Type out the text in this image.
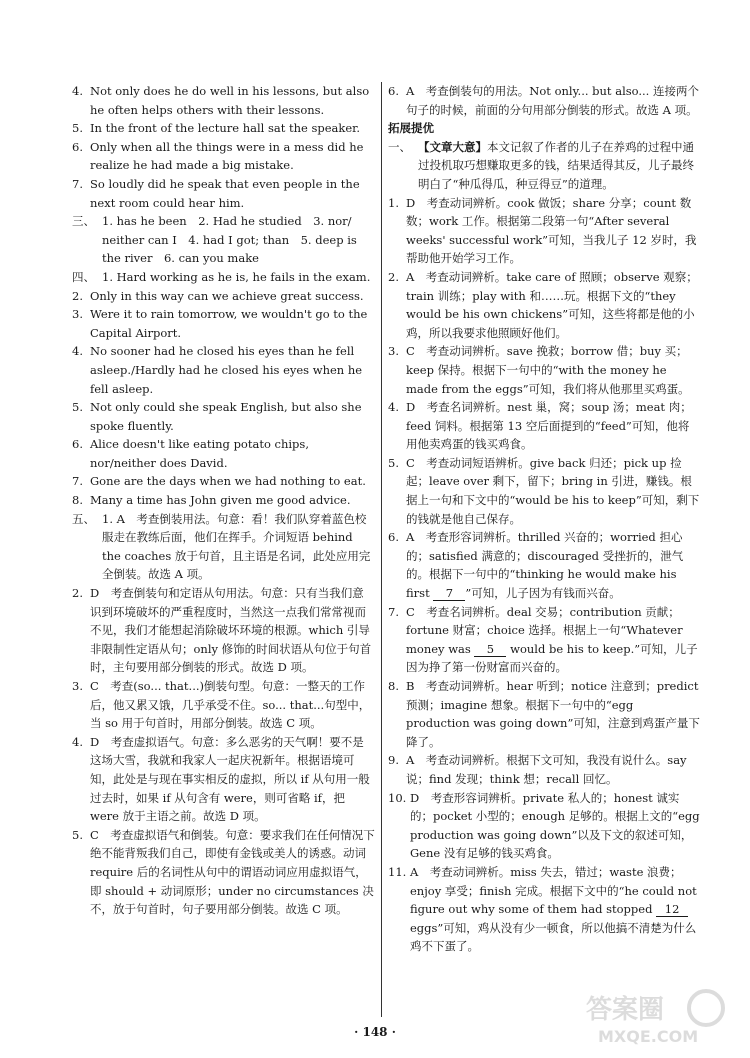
4. Not only does he do well in his lessons, but also he often helps others with their lessons.

5. In the front of the lecture hall sat the speaker.

6. Only when all the things were in a mess did he realize he had made a big mistake.

7. So loudly did he speak that even people in the next room could hear him.

三、 1. has he been　2. Had he studied　3. nor/ neither can I　4. had I got; than　5. deep is the river　6. can you make

四、 1. Hard working as he is, he fails in the exam.

2. Only in this way can we achieve great success.

3. Were it to rain tomorrow, we wouldn't go to the Capital Airport.

4. No sooner had he closed his eyes than he fell asleep./Hardly had he closed his eyes when he fell asleep.

5. Not only could she speak English, but also she spoke fluently.

6. Alice doesn't like eating potato chips, nor/neither does David.

7. Gone are the days when we had nothing to eat.

8. Many a time has John given me good advice.

五、 1. A　考查倒装用法。句意：看！我们队穿着蓝色校服走在教练后面，他们在挥手。介词短语 behind the coaches 放于句首，且主语是名词，此处应用完全倒装。故选 A 项。

2. D　考查倒装句和定语从句用法。句意：只有当我们意识到环境破坏的严重程度时，当然这一点我们常常视而不见，我们才能想起消除破坏环境的根源。which 引导非限制性定语从句；only 修饰的时间状语从句位于句首时，主句要用部分倒装的形式。故选 D 项。

3. C　考查(so... that...)倒装句型。句意：一整天的工作后，他又累又饿，几乎承受不住。so... that...句型中，当 so 用于句首时，用部分倒装。故选 C 项。

4. D　考查虚拟语气。句意：多么恶劣的天气啊！要不是这场大雪，我就和我家人一起庆祝新年。根据语境可知，此处是与现在事实相反的虚拟，所以 if 从句用一般过去时，如果 if 从句含有 were，则可省略 if，把 were 放于主语之前。故选 D 项。

5. C　考查虚拟语气和倒装。句意：要求我们在任何情况下绝不能背叛我们自己，即使有金钱或美人的诱惑。动词 require 后的名词性从句中的谓语动词应用虚拟语气，即 should + 动词原形；under no circumstances 决不，放于句首时，句子要用部分倒装。故选 C 项。

6. A　考查倒装句的用法。Not only... but also... 连接两个句子的时候，前面的分句用部分倒装的形式。故选 A 项。

拓展提优

一、 【文章大意】本文记叙了作者的儿子在养鸡的过程中通过投机取巧想赚取更多的钱，结果适得其反，儿子最终明白了“种瓜得瓜，种豆得豆”的道理。

1. D　考查动词辨析。cook 做饭；share 分享；count 数数；work 工作。根据第二段第一句“After several weeks' successful work”可知，当我儿子 12 岁时，我帮助他开始学习工作。

2. A　考查动词辨析。take care of 照顾；observe 观察；train 训练；play with 和……玩。根据下文的“they would be his own chickens”可知，这些将都是他的小鸡，所以我要求他照顾好他们。

3. C　考查动词辨析。save 挽救；borrow 借；buy 买；keep 保持。根据下一句中的“with the money he made from the eggs”可知，我们将从他那里买鸡蛋。

4. D　考查名词辨析。nest 巢，窝；soup 汤；meat 肉；feed 饲料。根据第 13 空后面提到的“feed”可知，他将用他卖鸡蛋的钱买鸡食。

5. C　考查动词短语辨析。give back 归还；pick up 捡起；leave over 剩下，留下；bring in 引进，赚钱。根据上一句和下文中的“would be his to keep”可知，剩下的钱就是他自己保存。

6. A　考查形容词辨析。thrilled 兴奋的；worried 担心的；satisfied 满意的；discouraged 受挫折的，泄气的。根据下一句中的“thinking he would make his first 7 ”可知，儿子因为有钱而兴奋。

7. C　考查名词辨析。deal 交易；contribution 贡献；fortune 财富；choice 选择。根据上一句“Whatever money was 5 would be his to keep.”可知，儿子因为挣了第一份财富而兴奋的。

8. B　考查动词辨析。hear 听到；notice 注意到；predict 预测；imagine 想象。根据下一句中的“egg production was going down”可知，注意到鸡蛋产量下降了。

9. A　考查动词辨析。根据下文可知，我没有说什么。say 说；find 发现；think 想；recall 回忆。

10. D　考查形容词辨析。private 私人的；honest 诚实的；pocket 小型的；enough 足够的。根据上文的“egg production was going down”以及下文的叙述可知，Gene 没有足够的钱买鸡食。

11. A　考查动词辨析。miss 失去，错过；waste 浪费；enjoy 享受；finish 完成。根据下文中的“he could not figure out why some of them had stopped 12 eggs”可知，鸡从没有少一顿食，所以他搞不清楚为什么鸡不下蛋了。

· 148 ·
答案圈
MXQE.COM
